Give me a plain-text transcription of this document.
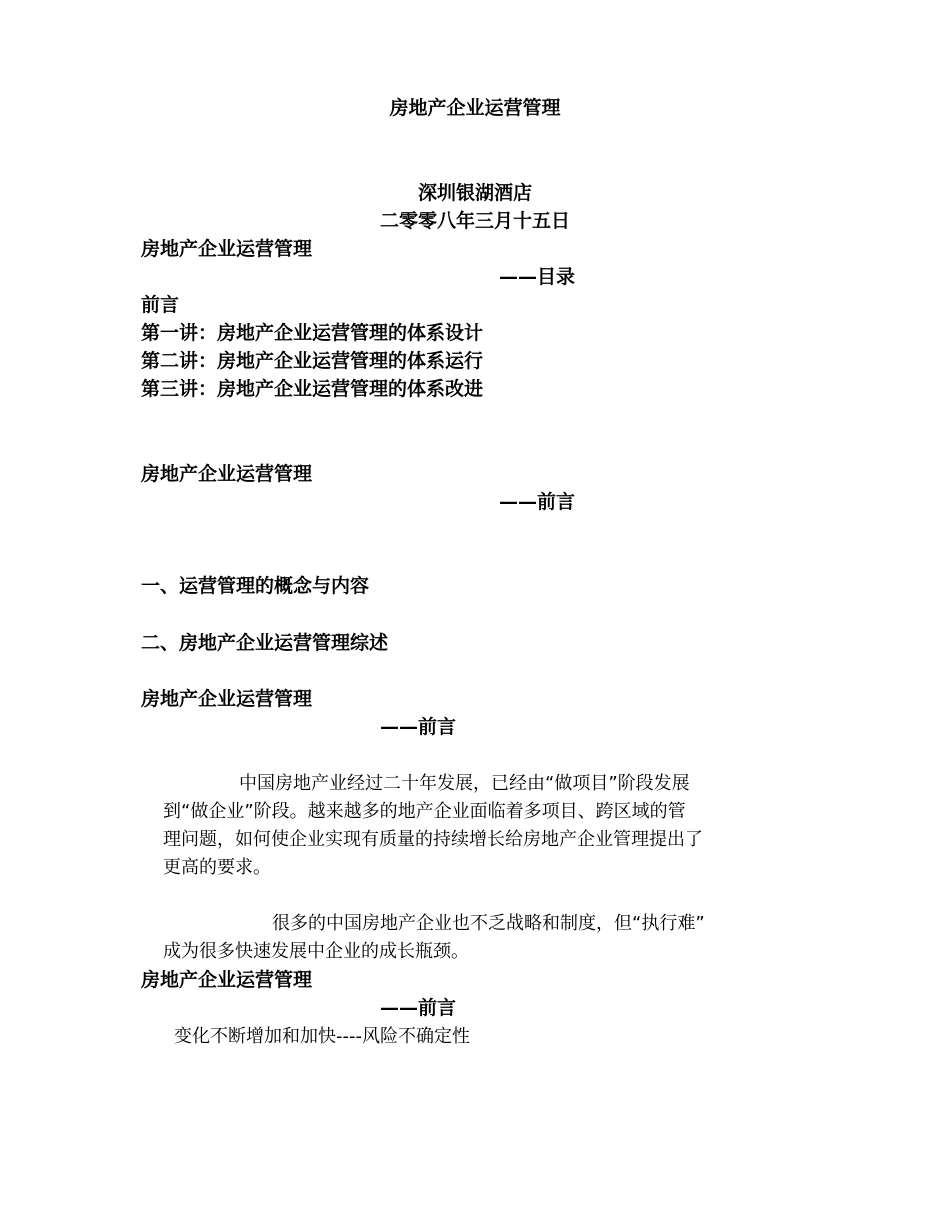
房地产企业运营管理
深圳银湖酒店
二零零八年三月十五日
房地产企业运营管理
——目录
前言
第一讲：房地产企业运营管理的体系设计
第二讲：房地产企业运营管理的体系运行
第三讲：房地产企业运营管理的体系改进
房地产企业运营管理
——前言
一、运营管理的概念与内容
二、房地产企业运营管理综述
房地产企业运营管理
——前言
中国房地产业经过二十年发展，已经由“做项目”阶段发展
到“做企业”阶段。越来越多的地产企业面临着多项目、跨区域的管
理问题，如何使企业实现有质量的持续增长给房地产企业管理提出了
更高的要求。
很多的中国房地产企业也不乏战略和制度，但“执行难”
成为很多快速发展中企业的成长瓶颈。
房地产企业运营管理
——前言
变化不断增加和加快----风险不确定性
